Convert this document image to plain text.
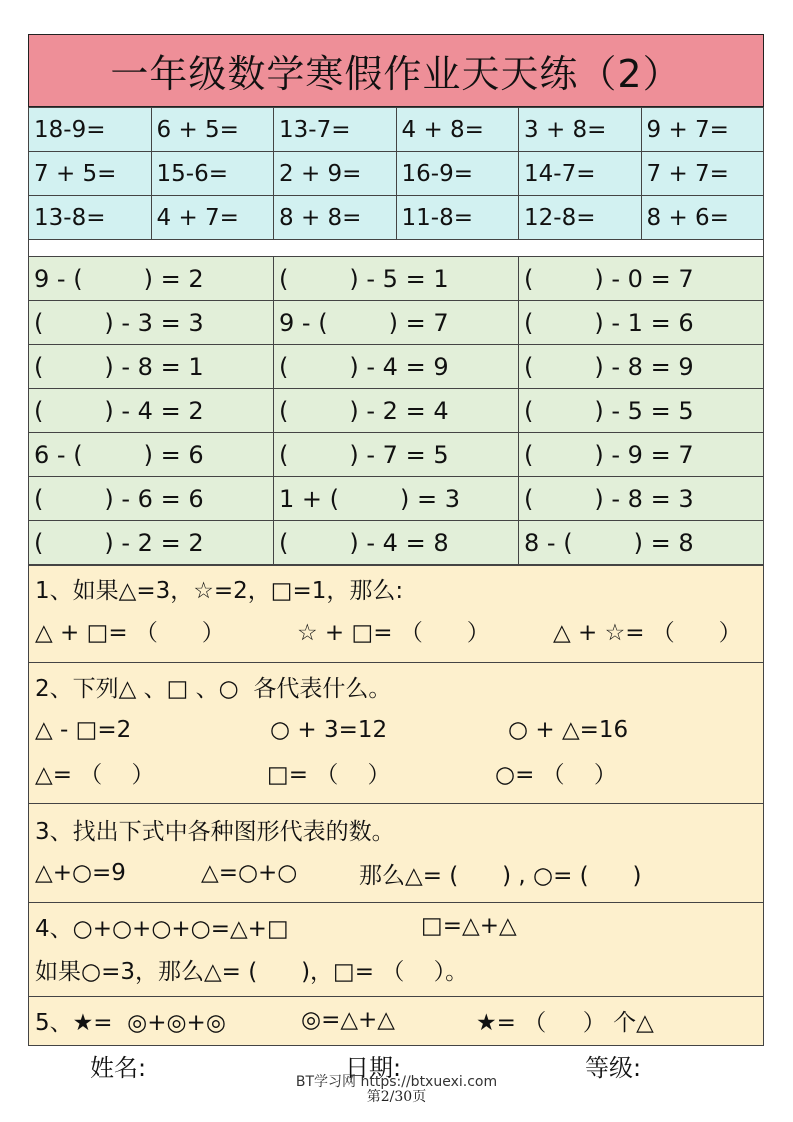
一年级数学寒假作业天天练（2）
18-9=	6 + 5=	13-7=	4 + 8=	3 + 8=	9 + 7=
7 + 5=	15-6=	2 + 9=	16-9=	14-7=	7 + 7=
13-8=	4 + 7=	8 + 8=	11-8=	12-8=	8 + 6=
9 - (        ) = 2	(        ) - 5 = 1	(        ) - 0 = 7
(        ) - 3 = 3	9 - (        ) = 7	(        ) - 1 = 6
(        ) - 8 = 1	(        ) - 4 = 9	(        ) - 8 = 9
(        ) - 4 = 2	(        ) - 2 = 4	(        ) - 5 = 5
6 - (        ) = 6	(        ) - 7 = 5	(        ) - 9 = 7
(        ) - 6 = 6	1 + (        ) = 3	(        ) - 8 = 3
(        ) - 2 = 2	(        ) - 4 = 8	8 - (        ) = 8
1、如果△=3，☆=2，□=1，那么:
△ + □= （      ）	☆ + □= （      ）	△ + ☆= （      ）
2、下列△ 、□ 、○  各代表什么。
△ - □=2	○ + 3=12	○ + △=16
△= （    ）	□= （    ）	○= （    ）
3、找出下式中各种图形代表的数。
△+○=9	△=○+○	那么△= (      ) , ○= (      )
4、○+○+○+○=△+□	□=△+△
如果○=3，那么△= (      )，□= （    ）。
5、★=  ◎+◎+◎	◎=△+△	★= （     ） 个△
姓名:	日期:	等级:
BT学习网 https://btxuexi.com
第2/30页
